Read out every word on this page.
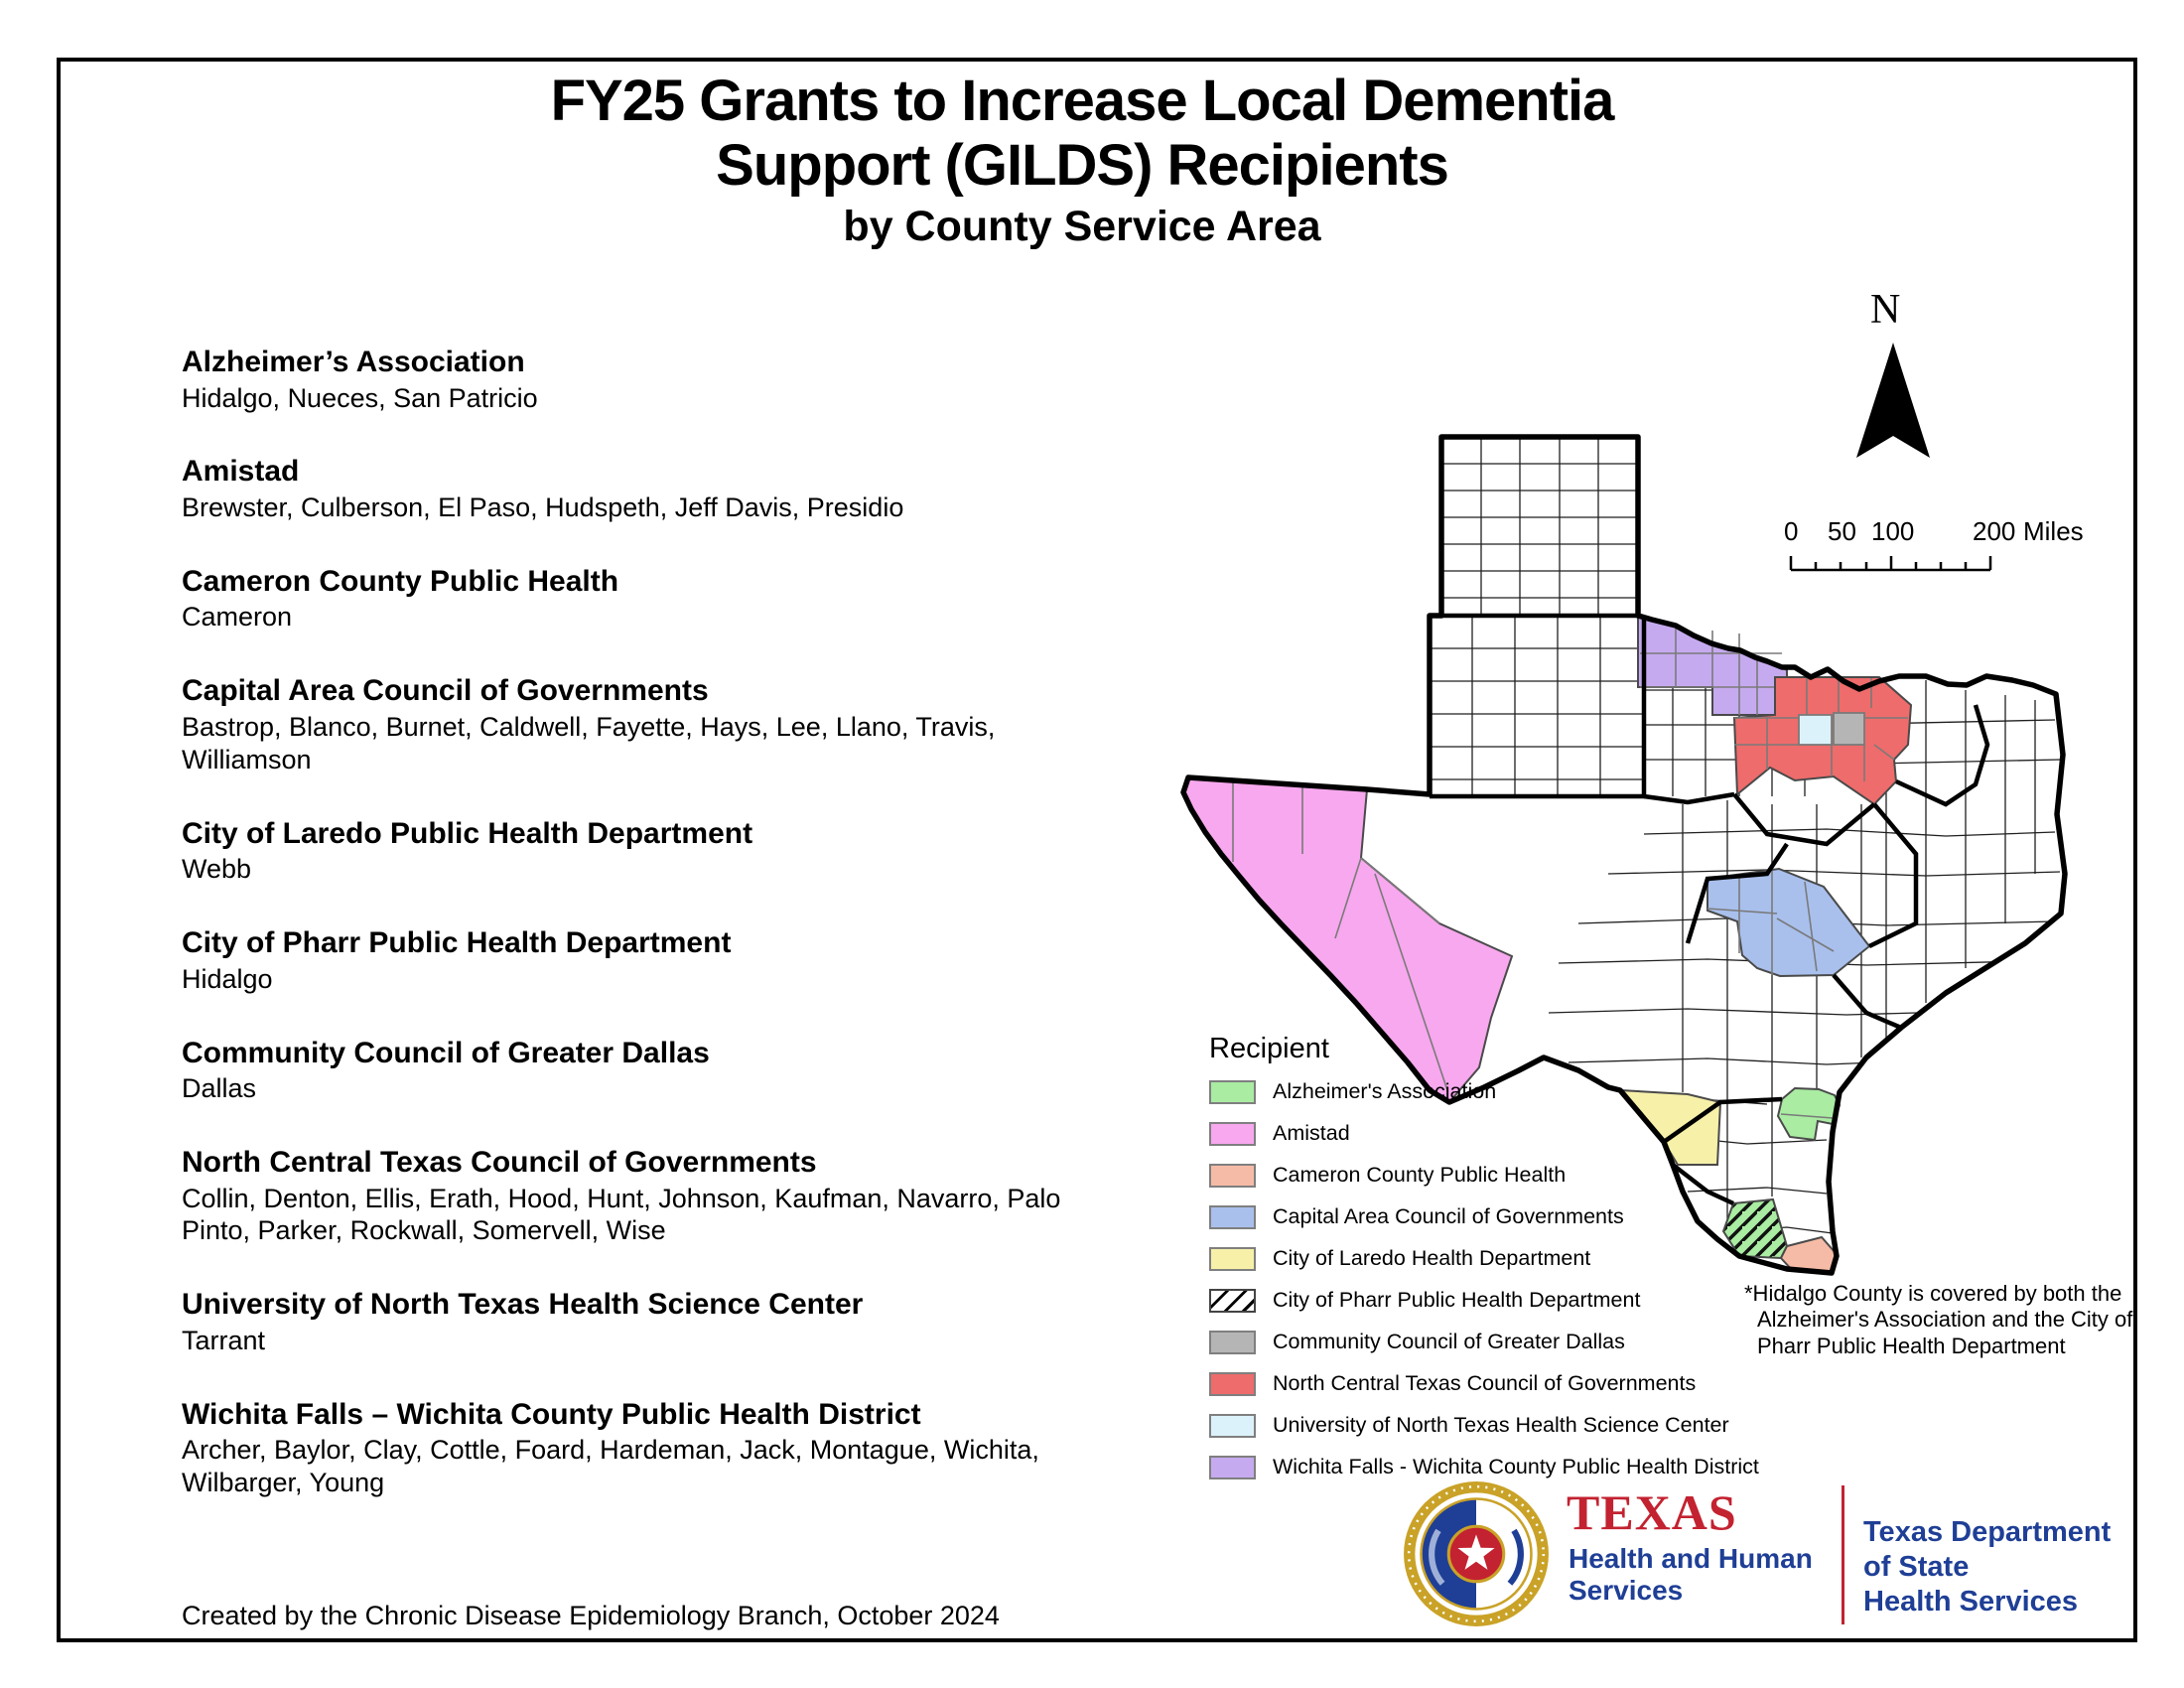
FY25 Grants to Increase Local Dementia
Support (GILDS) Recipients
by County Service Area
Alzheimer’s Association

Hidalgo, Nueces, San Patricio

Amistad

Brewster, Culberson, El Paso, Hudspeth, Jeff Davis, Presidio

Cameron County Public Health

Cameron

Capital Area Council of Governments

Bastrop, Blanco, Burnet, Caldwell, Fayette, Hays, Lee, Llano, Travis, Williamson

City of Laredo Public Health Department

Webb

City of Pharr Public Health Department

Hidalgo

Community Council of Greater Dallas

Dallas

North Central Texas Council of Governments

Collin, Denton, Ellis, Erath, Hood, Hunt, Johnson, Kaufman, Navarro, Palo Pinto, Parker, Rockwall, Somervell, Wise

University of North Texas Health Science Center

Tarrant

Wichita Falls – Wichita County Public Health District

Archer, Baylor, Clay, Cottle, Foard, Hardeman, Jack, Montague, Wichita, Wilbarger, Young

N
0 50 100 200 Miles
Recipient
Alzheimer's Association
Amistad
Cameron County Public Health
Capital Area Council of Governments
City of Laredo Health Department
City of Pharr Public Health Department
Community Council of Greater Dallas
North Central Texas Council of Governments
University of North Texas Health Science Center
Wichita Falls - Wichita County Public Health District
*Hidalgo County is covered by both the Alzheimer's Association and the City of Pharr Public Health Department
Created by the Chronic Disease Epidemiology Branch, October 2024
TEXAS
Health and Human
Services
Texas Department of State
Health Services
